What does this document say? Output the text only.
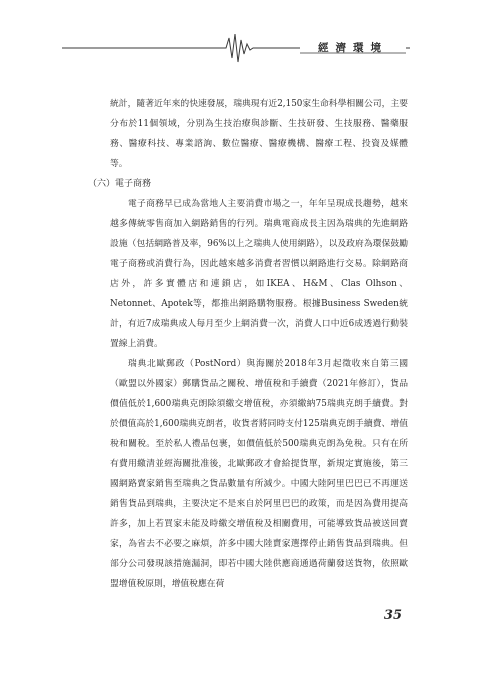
經濟環境

統計，隨著近年來的快速發展，瑞典現有近2,150家生命科學相關公司，主要分布於11個領域，分別為生技治療與診斷、生技研發、生技服務、醫藥服務、醫療科技、專業諮詢、數位醫療、醫療機構、醫療工程、投資及媒體等。

（六）電子商務

電子商務早已成為當地人主要消費市場之一，年年呈現成長趨勢，越來越多傳統零售商加入網路銷售的行列。瑞典電商成長主因為瑞典的先進網路設施（包括網路普及率，96%以上之瑞典人使用網路），以及政府為環保鼓勵電子商務或消費行為，因此越來越多消費者習慣以網路進行交易。除網路商店外，許多實體店和連鎖店，如IKEA、H&M、Clas Olhson、Netonnet、Apotek等，都推出網路購物服務。根據Business Sweden統計，有近7成瑞典成人每月至少上網消費一次，消費人口中近6成透過行動裝置線上消費。

瑞典北歐郵政（PostNord）與海關於2018年3月起徵收來自第三國（歐盟以外國家）郵購貨品之關稅、增值稅和手續費（2021年修訂），貨品價值低於1,600瑞典克朗除須繳交增值稅，亦須繳納75瑞典克朗手續費。對於價值高於1,600瑞典克朗者，收貨者將同時支付125瑞典克朗手續費、增值稅和關稅。至於私人禮品包裹，如價值低於500瑞典克朗為免稅。只有在所有費用繳清並經海關批准後，北歐郵政才會給提貨單，新規定實施後，第三國網路賣家銷售至瑞典之貨品數量有所減少。中國大陸阿里巴巴已不再運送銷售貨品到瑞典，主要決定不是來自於阿里巴巴的政策，而是因為費用提高許多，加上若買家未能及時繳交增值稅及相關費用，可能導致貨品被送回賣家，為省去不必要之麻煩，許多中國大陸賣家選擇停止銷售貨品到瑞典。但部分公司發現該措施漏洞，即若中國大陸供應商通過荷蘭發送貨物，依照歐盟增值稅原則，增值稅應在荷

35
